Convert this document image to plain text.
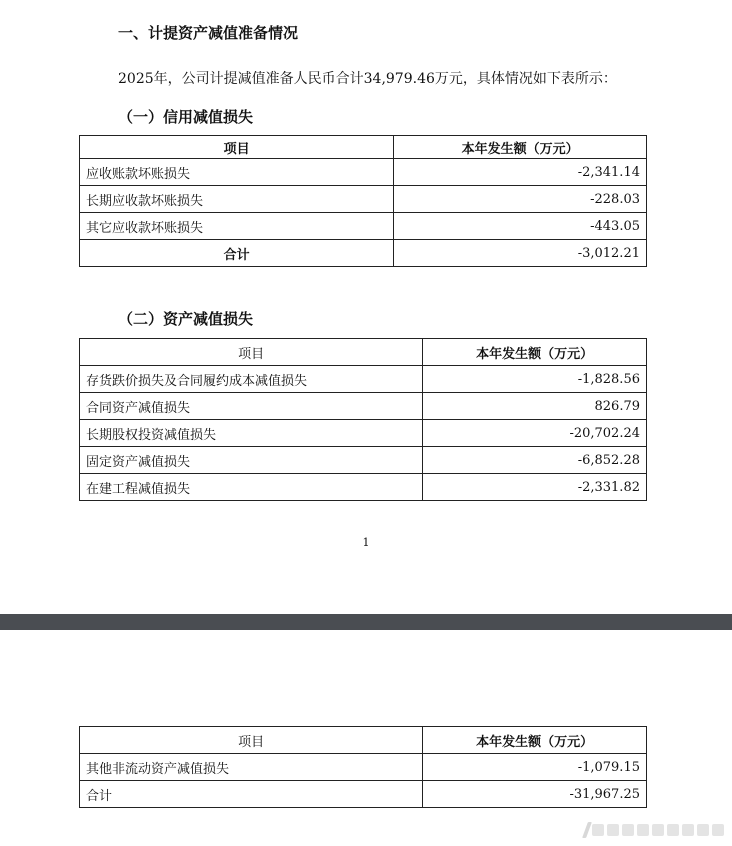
一、计提资产减值准备情况
2025年，公司计提减值准备人民币合计34,979.46万元，具体情况如下表所示：
（一）信用减值损失
项目	本年发生额（万元）
应收账款坏账损失	-2,341.14
长期应收款坏账损失	-228.03
其它应收款坏账损失	-443.05
合计	-3,012.21
（二）资产减值损失
项目	本年发生额（万元）
存货跌价损失及合同履约成本减值损失	-1,828.56
合同资产减值损失	826.79
长期股权投资减值损失	-20,702.24
固定资产减值损失	-6,852.28
在建工程减值损失	-2,331.82
1
项目	本年发生额（万元）
其他非流动资产减值损失	-1,079.15
合计	-31,967.25
